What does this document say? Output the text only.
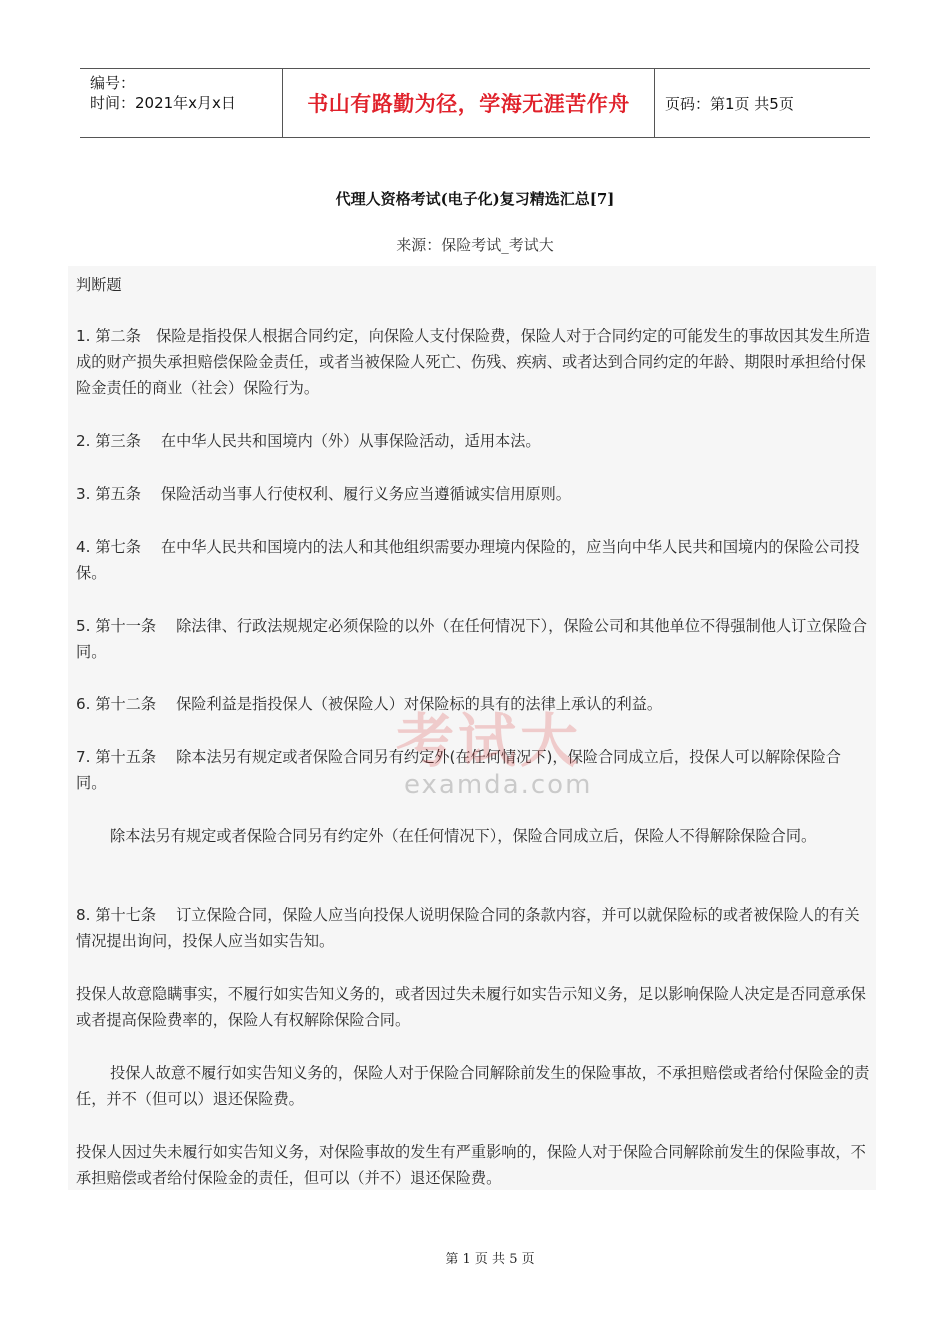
编号：
时间：2021年x月x日	书山有路勤为径，学海无涯苦作舟	页码：第1页 共5页
代理人资格考试(电子化)复习精选汇总[7]
来源：保险考试_考试大
判断题
1. 第二条　保险是指投保人根据合同约定，向保险人支付保险费，保险人对于合同约定的可能发生的事故因其发生所造成的财产损失承担赔偿保险金责任，或者当被保险人死亡、伤残、疾病、或者达到合同约定的年龄、期限时承担给付保险金责任的商业（社会）保险行为。
2. 第三条　 在中华人民共和国境内（外）从事保险活动，适用本法。
3. 第五条　 保险活动当事人行使权利、履行义务应当遵循诚实信用原则。
4. 第七条　 在中华人民共和国境内的法人和其他组织需要办理境内保险的，应当向中华人民共和国境内的保险公司投保。
5. 第十一条　 除法律、行政法规规定必须保险的以外（在任何情况下），保险公司和其他单位不得强制他人订立保险合同。
6. 第十二条　 保险利益是指投保人（被保险人）对保险标的具有的法律上承认的利益。
7. 第十五条　 除本法另有规定或者保险合同另有约定外(在任何情况下)，保险合同成立后，投保人可以解除保险合同。
除本法另有规定或者保险合同另有约定外（在任何情况下），保险合同成立后，保险人不得解除保险合同。
8. 第十七条　 订立保险合同，保险人应当向投保人说明保险合同的条款内容，并可以就保险标的或者被保险人的有关情况提出询问，投保人应当如实告知。
投保人故意隐瞒事实，不履行如实告知义务的，或者因过失未履行如实告示知义务，足以影响保险人决定是否同意承保或者提高保险费率的，保险人有权解除保险合同。
投保人故意不履行如实告知义务的，保险人对于保险合同解除前发生的保险事故，不承担赔偿或者给付保险金的责任，并不（但可以）退还保险费。
投保人因过失未履行如实告知义务，对保险事故的发生有严重影响的，保险人对于保险合同解除前发生的保险事故，不承担赔偿或者给付保险金的责任，但可以（并不）退还保险费。
考试大
examda.com
第 1 页 共 5 页
